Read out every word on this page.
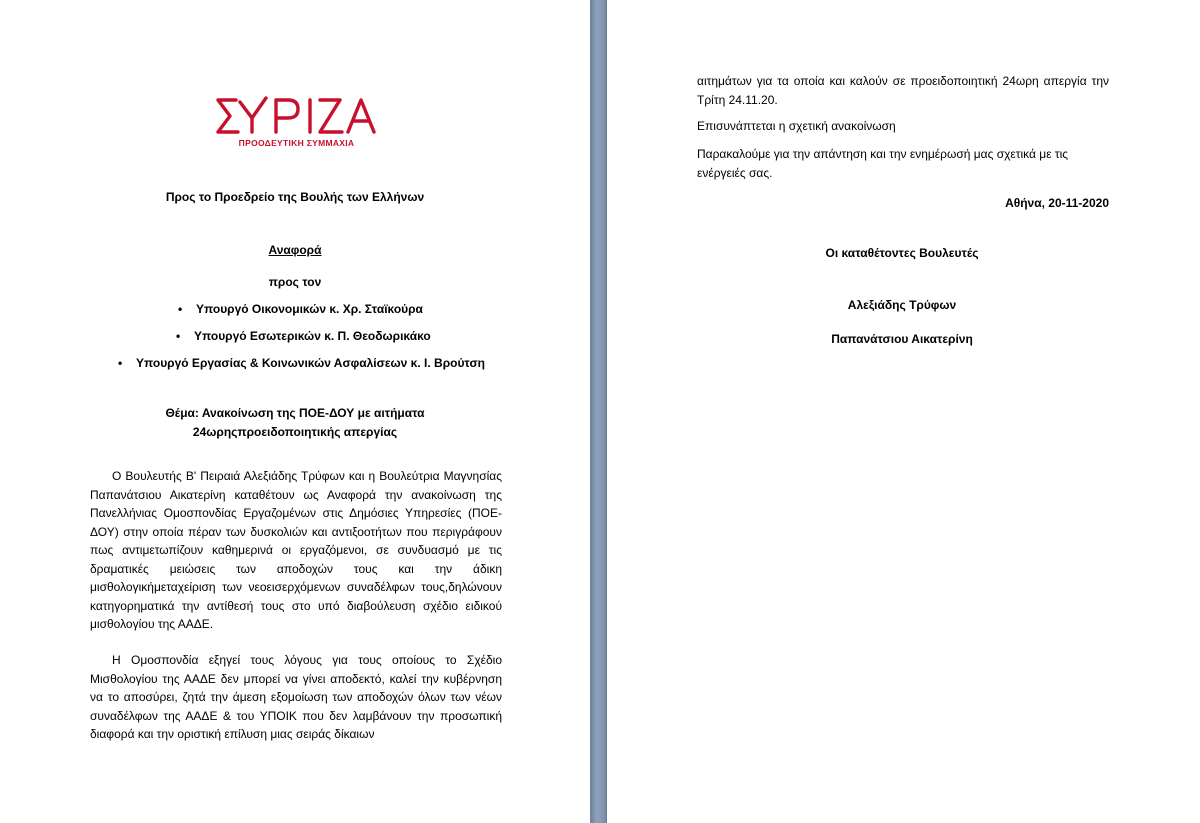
ΠΡΟΟΔΕΥΤΙΚΗ ΣΥΜΜΑΧΙΑ
Προς το Προεδρείο της Βουλής των Ελλήνων
Αναφορά
προς τον
• Υπουργό Οικονομικών κ. Χρ. Σταϊκούρα
• Υπουργό Εσωτερικών κ. Π. Θεοδωρικάκο
• Υπουργό Εργασίας & Κοινωνικών Ασφαλίσεων κ. Ι. Βρούτση
Θέμα: Ανακοίνωση της ΠΟΕ-ΔΟΥ με αιτήματα
24ωρηςπροειδοποιητικής απεργίας
Ο Βουλευτής Β' Πειραιά Αλεξιάδης Τρύφων και η Βουλεύτρια Μαγνησίας Παπανάτσιου Αικατερίνη καταθέτουν ως Αναφορά την ανακοίνωση της Πανελλήνιας Ομοσπονδίας Εργαζομένων στις Δημόσιες Υπηρεσίες (ΠΟΕ-ΔΟΥ) στην οποία πέραν των δυσκολιών και αντιξοοτήτων που περιγράφουν πως αντιμετωπίζουν καθημερινά οι εργαζόμενοι, σε συνδυασμό με τις δραματικές μειώσεις των αποδοχών τους και την άδικη μισθολογικήμεταχείριση των νεοεισερχόμενων συναδέλφων τους,δηλώνουν κατηγορηματικά την αντίθεσή τους στο υπό διαβούλευση σχέδιο ειδικού μισθολογίου της ΑΑΔΕ.
Η Ομοσπονδία εξηγεί τους λόγους για τους οποίους το Σχέδιο Μισθολογίου της ΑΑΔΕ δεν μπορεί να γίνει αποδεκτό, καλεί την κυβέρνηση να το αποσύρει, ζητά την άμεση εξομοίωση των αποδοχών όλων των νέων συναδέλφων της ΑΑΔΕ & του ΥΠΟΙΚ που δεν λαμβάνουν την προσωπική διαφορά και την οριστική επίλυση μιας σειράς δίκαιων
αιτημάτων για τα οποία και καλούν σε προειδοποιητική 24ωρη απεργία την Τρίτη 24.11.20.
Επισυνάπτεται η σχετική ανακοίνωση
Παρακαλούμε για την απάντηση και την ενημέρωσή μας σχετικά με τις ενέργειές σας.
Αθήνα, 20-11-2020
Οι καταθέτοντες Βουλευτές
Αλεξιάδης Τρύφων
Παπανάτσιου Αικατερίνη
